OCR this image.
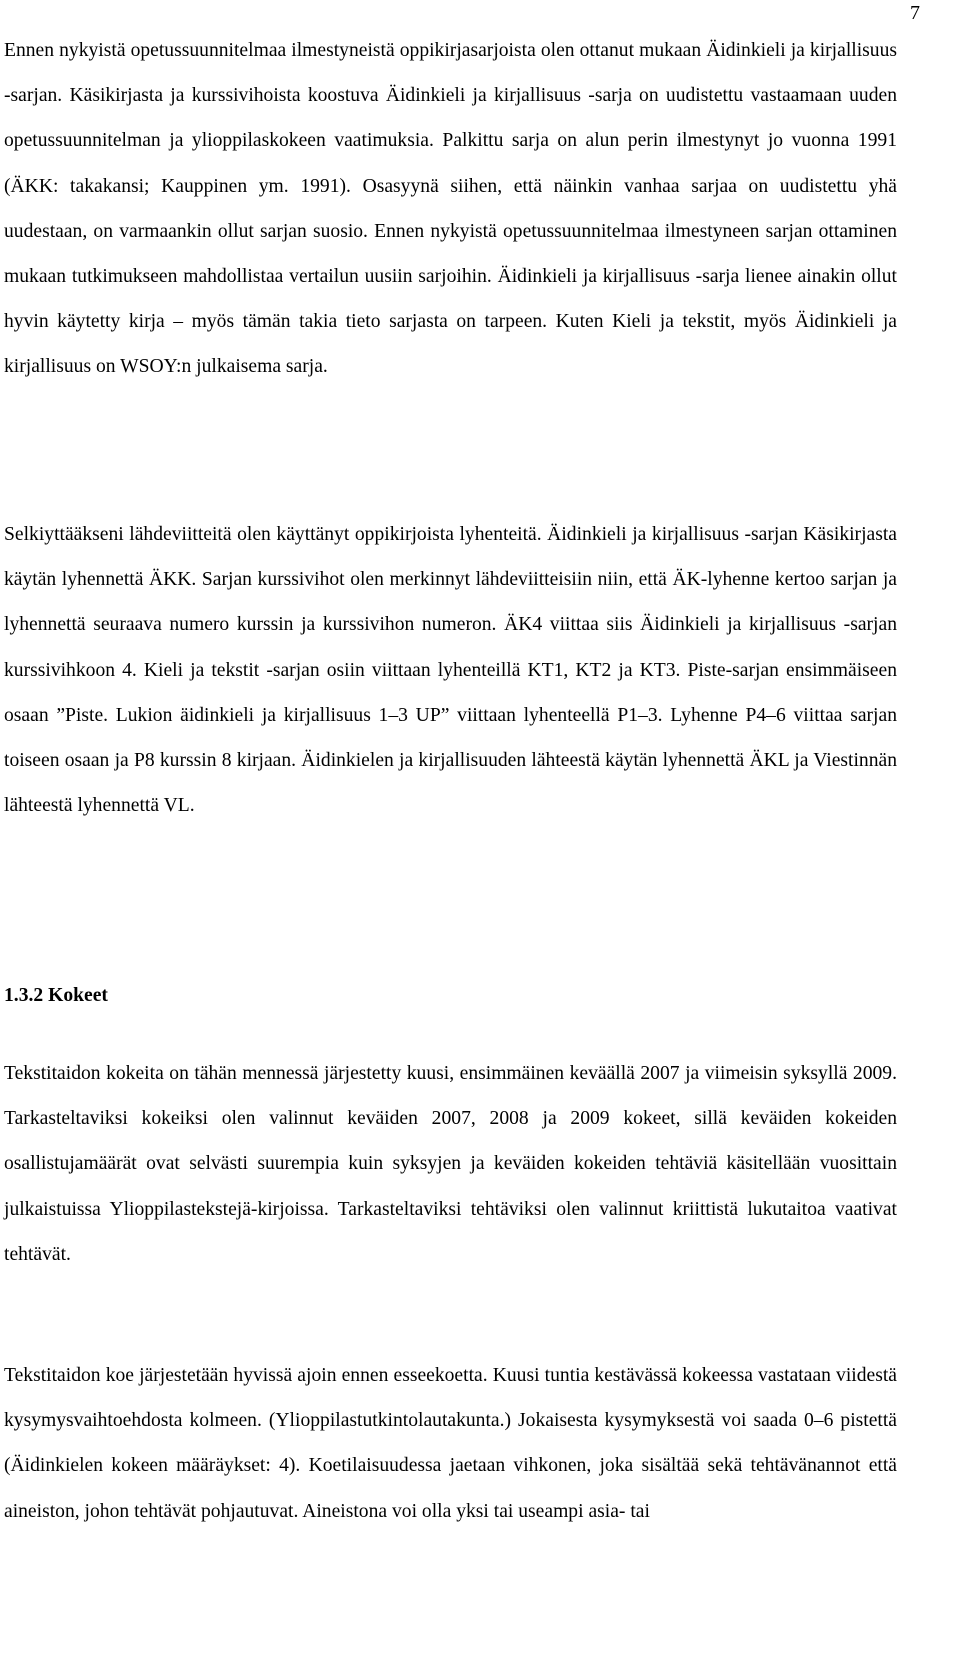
7

Ennen nykyistä opetussuunnitelmaa ilmestyneistä oppikirjasarjoista olen ottanut mukaan Äidinkieli ja kirjallisuus -sarjan. Käsikirjasta ja kurssivihoista koostuva Äidinkieli ja kirjallisuus -sarja on uudistettu vastaamaan uuden opetussuunnitelman ja ylioppilaskokeen vaatimuksia. Palkittu sarja on alun perin ilmestynyt jo vuonna 1991 (ÄKK: takakansi; Kauppinen ym. 1991). Osasyynä siihen, että näinkin vanhaa sarjaa on uudistettu yhä uudestaan, on varmaankin ollut sarjan suosio. Ennen nykyistä opetussuunnitelmaa ilmestyneen sarjan ottaminen mukaan tutkimukseen mahdollistaa vertailun uusiin sarjoihin. Äidinkieli ja kirjallisuus -sarja lienee ainakin ollut hyvin käytetty kirja – myös tämän takia tieto sarjasta on tarpeen. Kuten Kieli ja tekstit, myös Äidinkieli ja kirjallisuus on WSOY:n julkaisema sarja.

Selkiyttääkseni lähdeviitteitä olen käyttänyt oppikirjoista lyhenteitä. Äidinkieli ja kirjallisuus -sarjan Käsikirjasta käytän lyhennettä ÄKK. Sarjan kurssivihot olen merkinnyt lähdeviitteisiin niin, että ÄK-lyhenne kertoo sarjan ja lyhennettä seuraava numero kurssin ja kurssivihon numeron. ÄK4 viittaa siis Äidinkieli ja kirjallisuus -sarjan kurssivihkoon 4. Kieli ja tekstit -sarjan osiin viittaan lyhenteillä KT1, KT2 ja KT3. Piste-sarjan ensimmäiseen osaan ”Piste. Lukion äidinkieli ja kirjallisuus 1–3 UP” viittaan lyhenteellä P1–3. Lyhenne P4–6 viittaa sarjan toiseen osaan ja P8 kurssin 8 kirjaan. Äidinkielen ja kirjallisuuden lähteestä käytän lyhennettä ÄKL ja Viestinnän lähteestä lyhennettä VL.

1.3.2 Kokeet

Tekstitaidon kokeita on tähän mennessä järjestetty kuusi, ensimmäinen keväällä 2007 ja viimeisin syksyllä 2009. Tarkasteltaviksi kokeiksi olen valinnut keväiden 2007, 2008 ja 2009 kokeet, sillä keväiden kokeiden osallistujamäärät ovat selvästi suurempia kuin syksyjen ja keväiden kokeiden tehtäviä käsitellään vuosittain julkaistuissa Ylioppilastekstejä-kirjoissa. Tarkasteltaviksi tehtäviksi olen valinnut kriittistä lukutaitoa vaativat tehtävät.

Tekstitaidon koe järjestetään hyvissä ajoin ennen esseekoetta. Kuusi tuntia kestävässä kokeessa vastataan viidestä kysymysvaihtoehdosta kolmeen. (Ylioppilastutkintolautakunta.) Jokaisesta kysymyksestä voi saada 0–6 pistettä (Äidinkielen kokeen määräykset: 4). Koetilaisuudessa jaetaan vihkonen, joka sisältää sekä tehtävänannot että aineiston, johon tehtävät pohjautuvat. Aineistona voi olla yksi tai useampi asia- tai
